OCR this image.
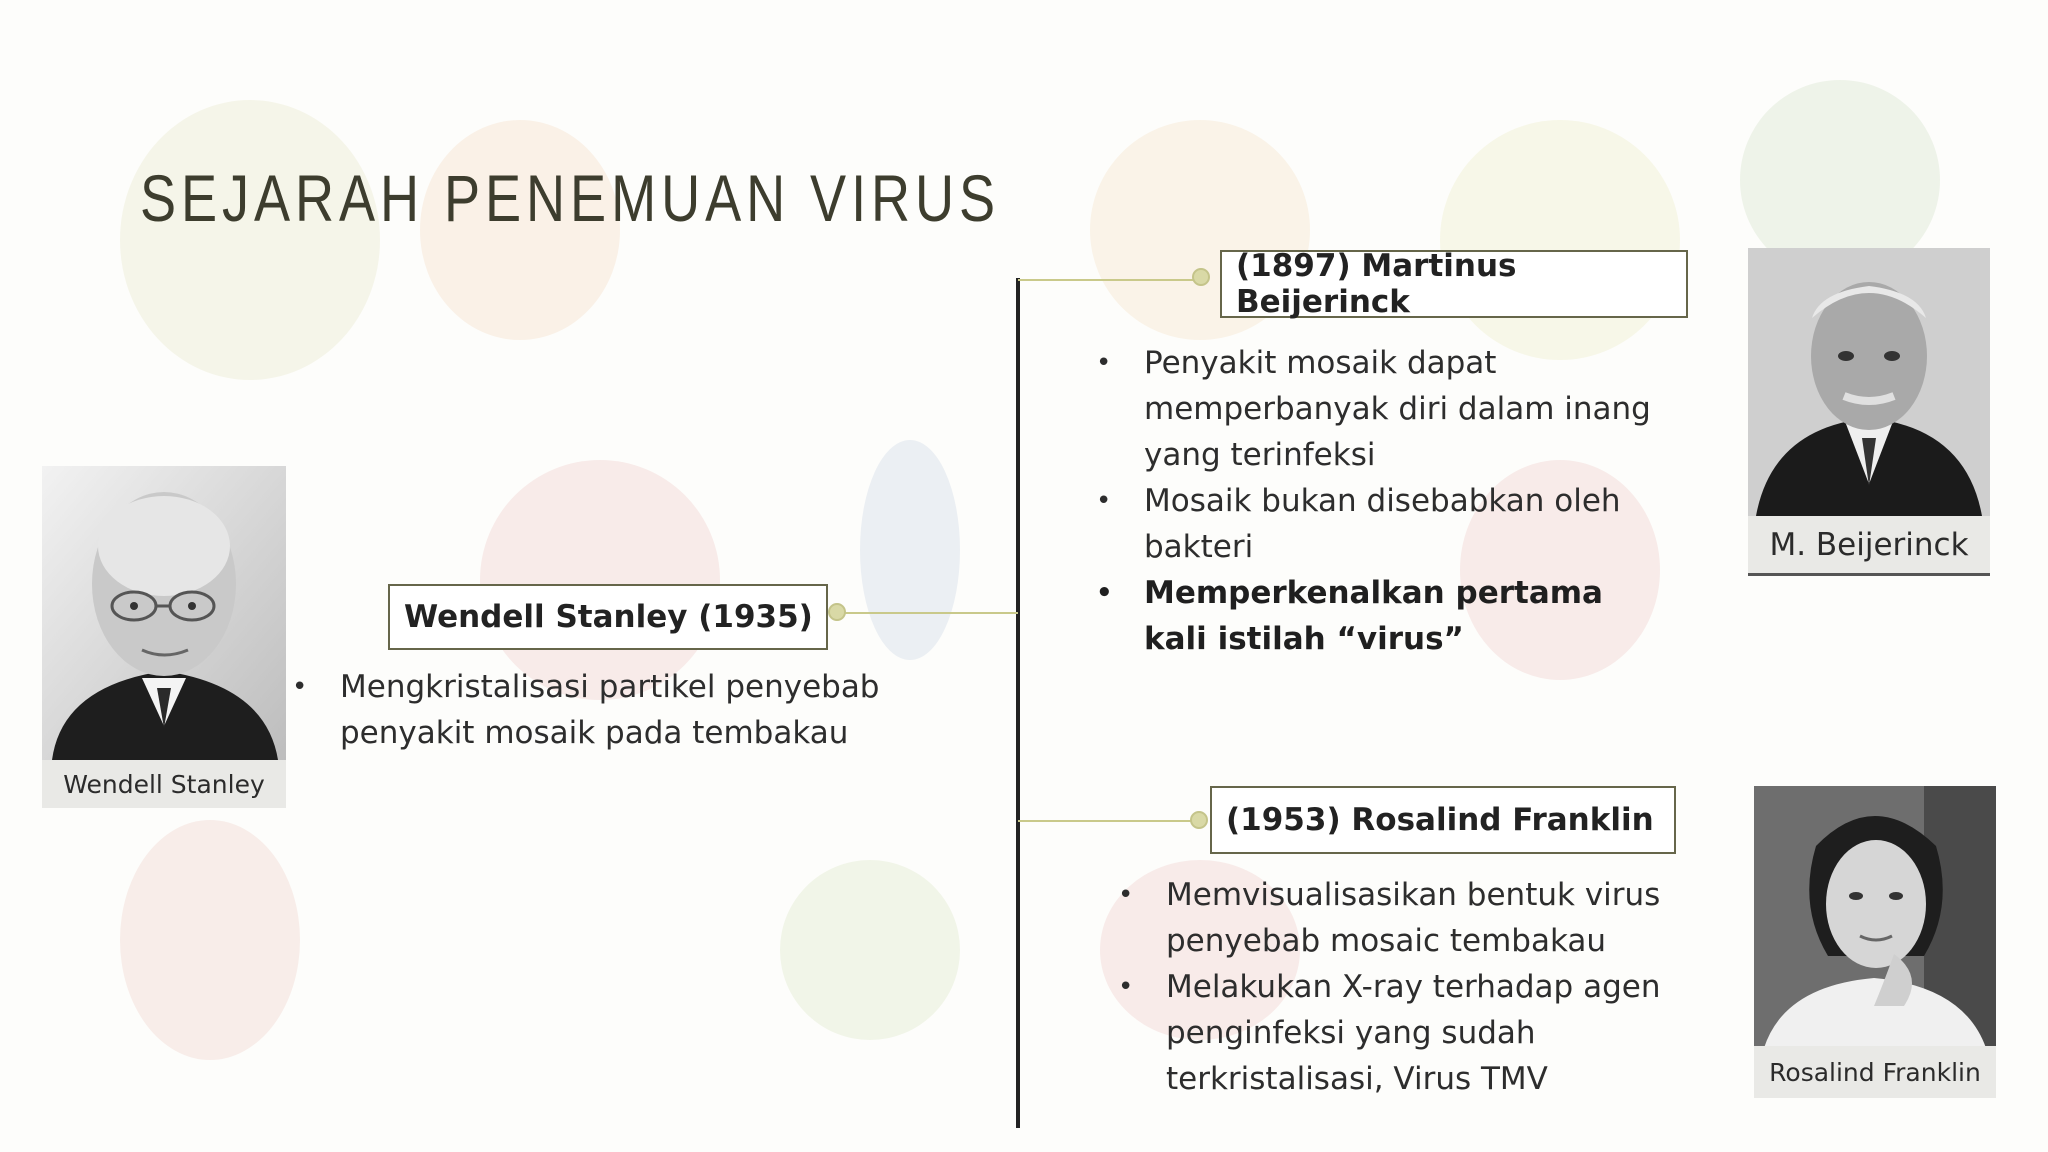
SEJARAH PENEMUAN VIRUS
(1897) Martinus Beijerinck
• Penyakit mosaik dapat memperbanyak diri dalam inang yang terinfeksi
• Mosaik bukan disebabkan oleh bakteri
• Memperkenalkan pertama kali istilah “virus”
Wendell Stanley (1935)
• Mengkristalisasi partikel penyebab penyakit mosaik pada tembakau
(1953) Rosalind Franklin
• Memvisualisasikan bentuk virus penyebab mosaic tembakau
• Melakukan X-ray terhadap agen penginfeksi yang sudah terkristalisasi, Virus TMV
Wendell Stanley
M. Beijerinck
Rosalind Franklin
